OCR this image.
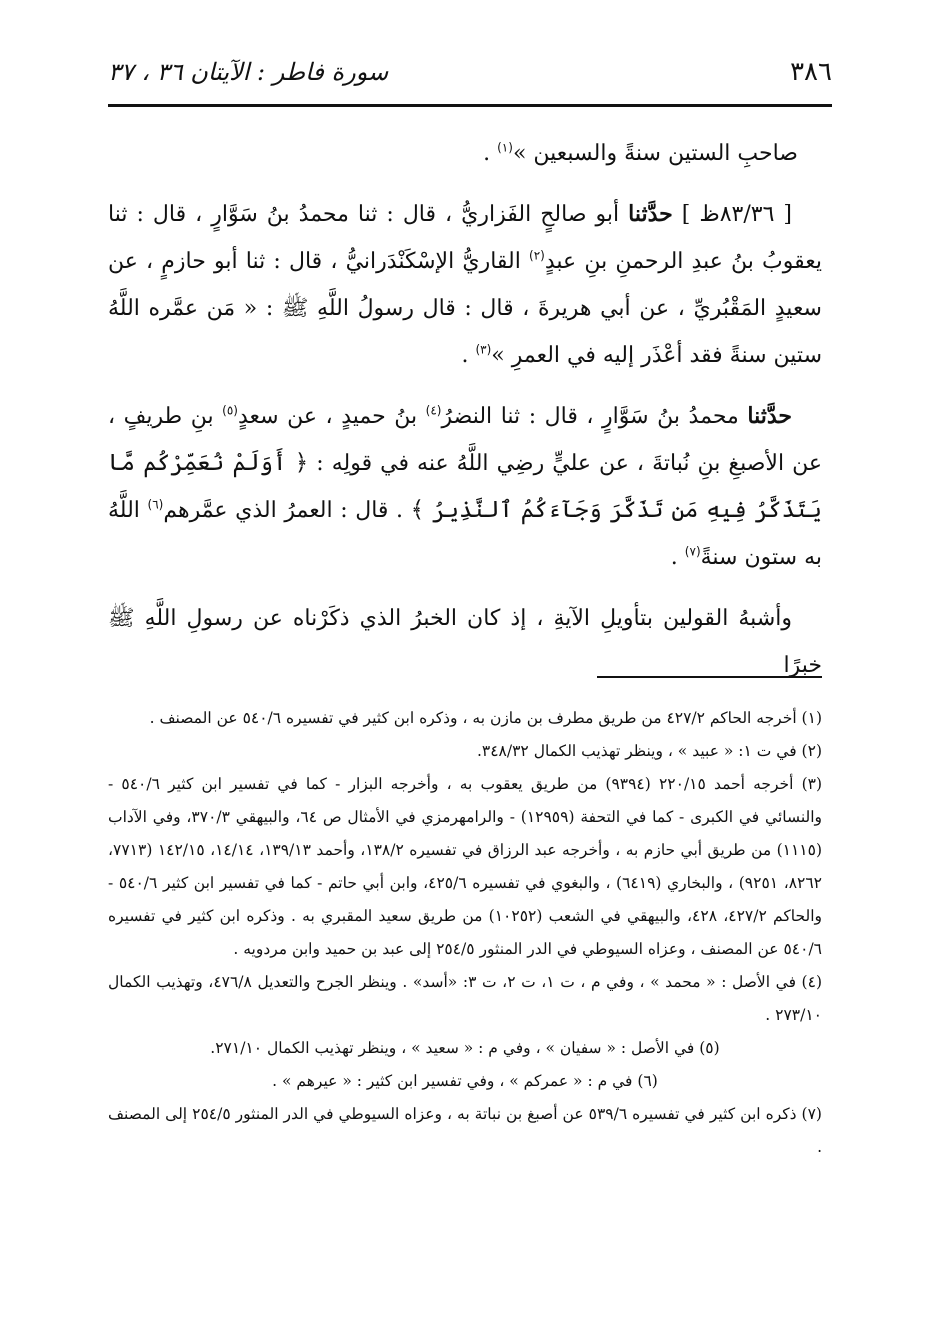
٣٨٦
سورة فاطر : الآيتان ٣٦ ، ٣٧

صاحبِ الستين سنةً والسبعين »$^{(١)}$ .

[ ٨٣/٣٦ظ ] حدَّثنا أبو صالحٍ الفَزاريُّ ، قال : ثنا محمدُ بنُ سَوَّارٍ ، قال : ثنا يعقوبُ بنُ عبدِ الرحمنِ بنِ عبدٍ$^{(٢)}$ القاريُّ الإسْكَنْدَرانيُّ ، قال : ثنا أبو حازمٍ ، عن سعيدٍ المَقْبُريِّ ، عن أبي هريرةَ ، قال : قال رسولُ اللَّهِ ﷺ : « مَن عمَّره اللَّهُ ستين سنةً فقد أعْذَر إليه في العمرِ »$^{(٣)}$ .

حدَّثنا محمدُ بنُ سَوَّارٍ ، قال : ثنا النضرُ$^{(٤)}$ بنُ حميدٍ ، عن سعدٍ$^{(٥)}$ بنِ طريفٍ ، عن الأصبغِ بنِ نُباتةَ ، عن عليٍّ رضِي اللَّهُ عنه في قولِه : ﴿ أَوَلَمْ نُعَمِّرْكُم مَّا يَتَذَكَّرُ فِيهِ مَن تَذَكَّرَ وَجَآءَكُمُ ٱلنَّذِيرُ ﴾ . قال : العمرُ الذي عمَّرهم$^{(٦)}$ اللَّهُ به ستون سنةً$^{(٧)}$ .

وأشبهُ القولين بتأويلِ الآيةِ ، إذ كان الخبرُ الذي ذكَرْناه عن رسولِ اللَّهِ ﷺ خبرًا

(١) أخرجه الحاكم ٤٢٧/٢ من طريق مطرف بن مازن به ، وذكره ابن كثير في تفسيره ٥٤٠/٦ عن المصنف .

(٢) في ت ١: « عبيد » ، وينظر تهذيب الكمال ٣٤٨/٣٢.

(٣) أخرجه أحمد ٢٢٠/١٥ (٩٣٩٤) من طريق يعقوب به ، وأخرجه البزار - كما في تفسير ابن كثير ٥٤٠/٦ - والنسائي في الكبرى - كما في التحفة (١٢٩٥٩) - والرامهرمزي في الأمثال ص ٦٤، والبيهقي ٣٧٠/٣، وفي الآداب (١١١٥) من طريق أبي حازم به ، وأخرجه عبد الرزاق في تفسيره ١٣٨/٢، وأحمد ١٣٩/١٣، ١٤/١٤، ١٤٢/١٥ (٧٧١٣، ٨٢٦٢، ٩٢٥١) ، والبخاري (٦٤١٩) ، والبغوي في تفسيره ٤٢٥/٦، وابن أبي حاتم - كما في تفسير ابن كثير ٥٤٠/٦ - والحاكم ٤٢٧/٢، ٤٢٨، والبيهقي في الشعب (١٠٢٥٢) من طريق سعيد المقبري به . وذكره ابن كثير في تفسيره ٥٤٠/٦ عن المصنف ، وعزاه السيوطي في الدر المنثور ٢٥٤/٥ إلى عبد بن حميد وابن مردويه .

(٤) في الأصل : « محمد » ، وفي م ، ت ١، ت ٢، ت ٣: «أسد» . وينظر الجرح والتعديل ٤٧٦/٨، وتهذيب الكمال ٢٧٣/١٠ .

(٥) في الأصل : « سفيان » ، وفي م : « سعيد » ، وينظر تهذيب الكمال ٢٧١/١٠.

(٦) في م : « عمركم » ، وفي تفسير ابن كثير : « عيرهم » .

(٧) ذكره ابن كثير في تفسيره ٥٣٩/٦ عن أصبغ بن نباتة به ، وعزاه السيوطي في الدر المنثور ٢٥٤/٥ إلى المصنف .
